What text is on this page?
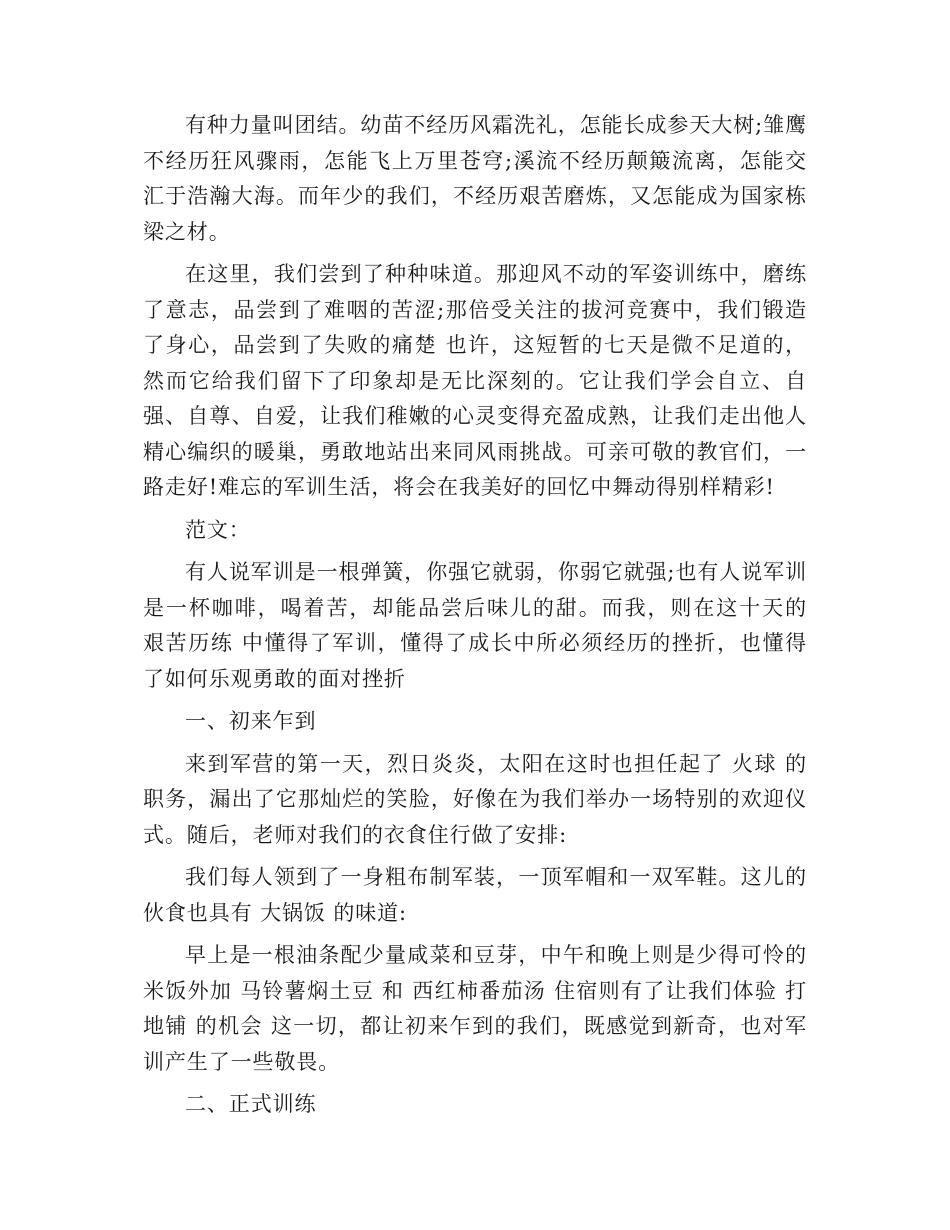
有种力量叫团结。幼苗不经历风霜洗礼，怎能长成参天大树;雏鹰不经历狂风骤雨，怎能飞上万里苍穹;溪流不经历颠簸流离，怎能交汇于浩瀚大海。而年少的我们，不经历艰苦磨炼，又怎能成为国家栋梁之材。

在这里，我们尝到了种种味道。那迎风不动的军姿训练中，磨练了意志，品尝到了难咽的苦涩;那倍受关注的拔河竞赛中，我们锻造了身心，品尝到了失败的痛楚 也许，这短暂的七天是微不足道的，然而它给我们留下了印象却是无比深刻的。它让我们学会自立、自强、自尊、自爱，让我们稚嫩的心灵变得充盈成熟，让我们走出他人精心编织的暖巢，勇敢地站出来同风雨挑战。可亲可敬的教官们，一路走好!难忘的军训生活，将会在我美好的回忆中舞动得别样精彩!

范文：

有人说军训是一根弹簧，你强它就弱，你弱它就强;也有人说军训是一杯咖啡，喝着苦，却能品尝后味儿的甜。而我，则在这十天的 艰苦历练 中懂得了军训，懂得了成长中所必须经历的挫折，也懂得了如何乐观勇敢的面对挫折

一、初来乍到

来到军营的第一天，烈日炎炎，太阳在这时也担任起了 火球 的职务，漏出了它那灿烂的笑脸，好像在为我们举办一场特别的欢迎仪式。随后，老师对我们的衣食住行做了安排:

我们每人领到了一身粗布制军装，一顶军帽和一双军鞋。这儿的伙食也具有 大锅饭 的味道:

早上是一根油条配少量咸菜和豆芽，中午和晚上则是少得可怜的米饭外加 马铃薯焖土豆 和 西红柿番茄汤 住宿则有了让我们体验 打地铺 的机会 这一切，都让初来乍到的我们，既感觉到新奇，也对军训产生了一些敬畏。

二、正式训练
